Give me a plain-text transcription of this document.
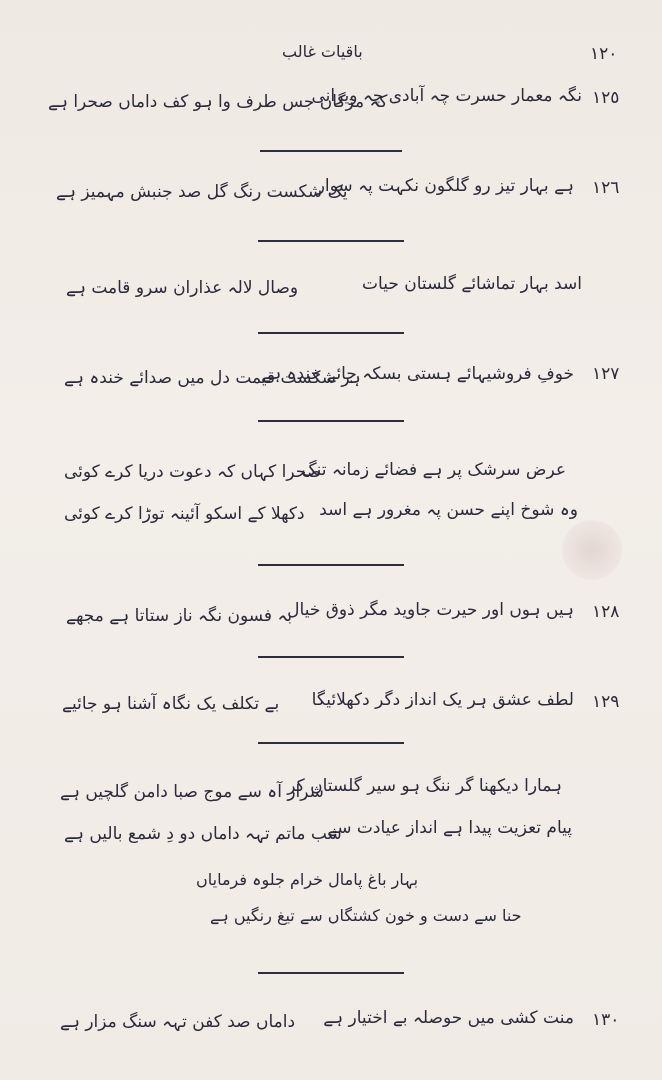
١٢٠
باقیات غالب
١٢٥
نگہ معمار حسرت چہ آبادی چہ ویرانی
کہ مژگاں جس طرف وا ہو کف داماں صحرا ہے
١٢٦
ہے بہار تیز رو گلگون نکہت پہ سوار
یک شکست رنگ گل صد جنبش مہمیز ہے
اسد بہار تماشائے گلستان حیات
وصال لالہ عذاران سرو قامت ہے
١٢٧
خوفِ فروشیہائے ہستی بسکہ جائے خندہ ہے
ہر شکست قیمت دل میں صدائے خندہ ہے
عرض سرشک پر ہے فضائے زمانہ تنگ
صحرا کہاں کہ دعوت دریا کرے کوئی
وہ شوخ اپنے حسن پہ مغرور ہے اسد
دکھلا کے اسکو آئینہ توڑا کرے کوئی
١٢٨
ہیں ہوں اور حیرت جاوید مگر ذوق خیال
بہ فسون نگہ ناز ستاتا ہے مجھے
١٢٩
لطف عشق ہر یک انداز دگر دکھلائیگا
بے تکلف یک نگاہ آشنا ہو جائیے
ہمارا دیکھنا گر ننگ ہو سیر گلستاں کر
شرار آہ سے موج صبا دامن گلچیں ہے
پیام تعزیت پیدا ہے انداز عیادت سے
شب ماتم تہہ داماں دو دِ شمع بالیں ہے
بہار باغ پامال خرام جلوہ فرمایاں
حنا سے دست و خون کشتگاں سے تیغ رنگیں ہے
١٣٠
منت کشی میں حوصلہ بے اختیار ہے
داماں صد کفن تہہ سنگ مزار ہے
